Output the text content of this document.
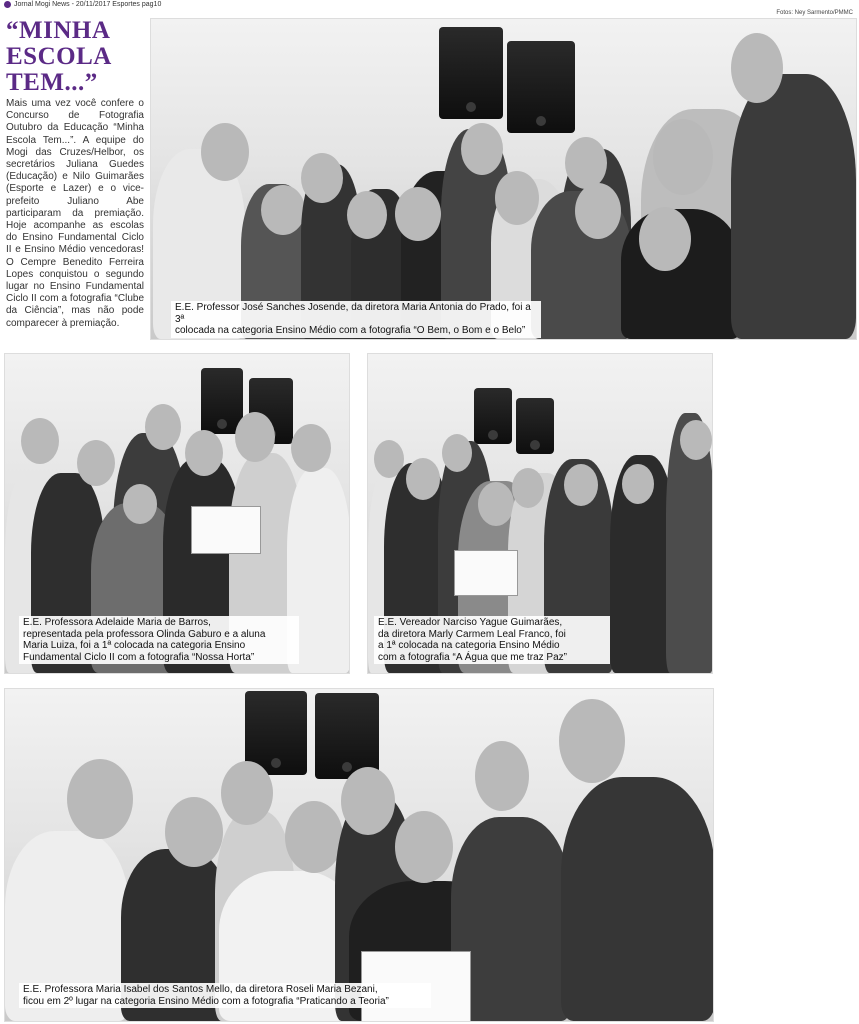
Jornal Mogi News - 20/11/2017 Esportes pag10
Fotos: Ney Sarmento/PMMC
“MINHA
ESCOLA
TEM...”
Mais uma vez você confere o Concurso de Fotografia Outubro da Educação “Minha Escola Tem...”. A equipe do Mogi das Cruzes/Helbor, os secretários Juliana Guedes (Educação) e Nilo Guimarães (Esporte e Lazer) e o vice-prefeito Juliano Abe participaram da premiação. Hoje acompanhe as escolas do Ensino Fundamental Ciclo II e Ensino Médio vencedoras! O Cempre Benedito Ferreira Lopes conquistou o segundo lugar no Ensino Fundamental Ciclo II com a fotografia “Clube da Ciência”, mas não pode comparecer à premiação.
E.E. Professor José Sanches Josende, da diretora Maria Antonia do Prado, foi a 3ª
colocada na categoria Ensino Médio com a fotografia “O Bem, o Bom e o Belo”
E.E. Professora Adelaide Maria de Barros,
representada pela professora Olinda Gaburo e a aluna
Maria Luiza, foi a 1ª colocada na categoria Ensino
Fundamental Ciclo II com a fotografia “Nossa Horta”
E.E. Vereador Narciso Yague Guimarães,
da diretora Marly Carmem Leal Franco, foi
a 1ª colocada na categoria Ensino Médio
com a fotografia “A Água que me traz Paz”
E.E. Professora Maria Isabel dos Santos Mello, da diretora Roseli Maria Bezani,
ficou em 2º lugar na categoria Ensino Médio com a fotografia “Praticando a Teoria”
